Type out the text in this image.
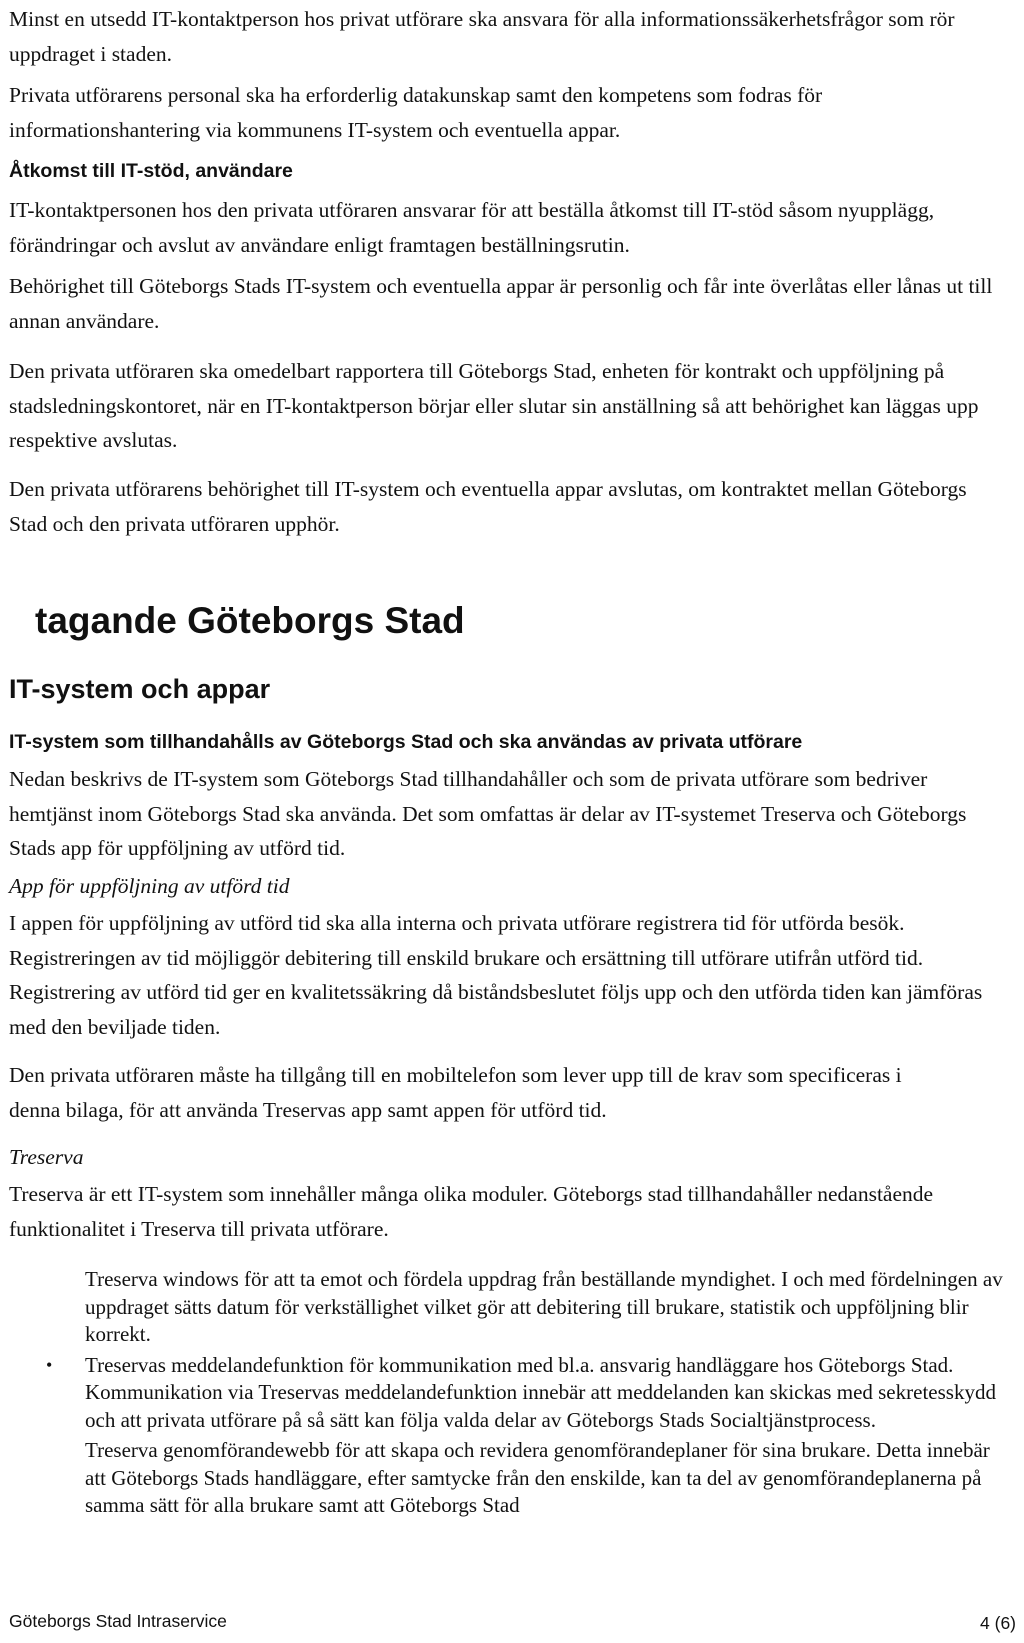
Minst en utsedd IT-kontaktperson hos privat utförare ska ansvara för alla informationssäkerhetsfrågor som rör uppdraget i staden.

Privata utförarens personal ska ha erforderlig datakunskap samt den kompetens som fodras för informationshantering via kommunens IT-system och eventuella appar.

Åtkomst till IT-stöd, användare

IT-kontaktpersonen hos den privata utföraren ansvarar för att beställa åtkomst till IT-stöd såsom nyupplägg, förändringar och avslut av användare enligt framtagen beställningsrutin.

Behörighet till Göteborgs Stads IT-system och eventuella appar är personlig och får inte överlåtas eller lånas ut till annan användare.

Den privata utföraren ska omedelbart rapportera till Göteborgs Stad, enheten för kontrakt och uppföljning på stadsledningskontoret, när en IT-kontaktperson börjar eller slutar sin anställning så att behörighet kan läggas upp respektive avslutas.

Den privata utförarens behörighet till IT-system och eventuella appar avslutas, om kontraktet mellan Göteborgs Stad och den privata utföraren upphör.

tagande Göteborgs Stad
IT-system och appar
IT-system som tillhandahålls av Göteborgs Stad och ska användas av privata utförare

Nedan beskrivs de IT-system som Göteborgs Stad tillhandahåller och som de privata utförare som bedriver hemtjänst inom Göteborgs Stad ska använda. Det som omfattas är delar av IT-systemet Treserva och Göteborgs Stads app för uppföljning av utförd tid.

App för uppföljning av utförd tid

I appen för uppföljning av utförd tid ska alla interna och privata utförare registrera tid för utförda besök. Registreringen av tid möjliggör debitering till enskild brukare och ersättning till utförare utifrån utförd tid. Registrering av utförd tid ger en kvalitetssäkring då biståndsbeslutet följs upp och den utförda tiden kan jämföras med den beviljade tiden.

Den privata utföraren måste ha tillgång till en mobiltelefon som lever upp till de krav som specificeras i denna bilaga, för att använda Treservas app samt appen för utförd tid.

Treserva

Treserva är ett IT-system som innehåller många olika moduler. Göteborgs stad tillhandahåller nedanstående funktionalitet i Treserva till privata utförare.

Treserva windows för att ta emot och fördela uppdrag från beställande myndighet. I och med fördelningen av uppdraget sätts datum för verkställighet vilket gör att debitering till brukare, statistik och uppföljning blir korrekt.
• Treservas meddelandefunktion för kommunikation med bl.a. ansvarig handläggare hos Göteborgs Stad. Kommunikation via Treservas meddelandefunktion innebär att meddelanden kan skickas med sekretesskydd och att privata utförare på så sätt kan följa valda delar av Göteborgs Stads Socialtjänstprocess.
Treserva genomförandewebb för att skapa och revidera genomförandeplaner för sina brukare. Detta innebär att Göteborgs Stads handläggare, efter samtycke från den enskilde, kan ta del av genomförandeplanerna på samma sätt för alla brukare samt att Göteborgs Stad
Göteborgs Stad Intraservice	4 (6)
